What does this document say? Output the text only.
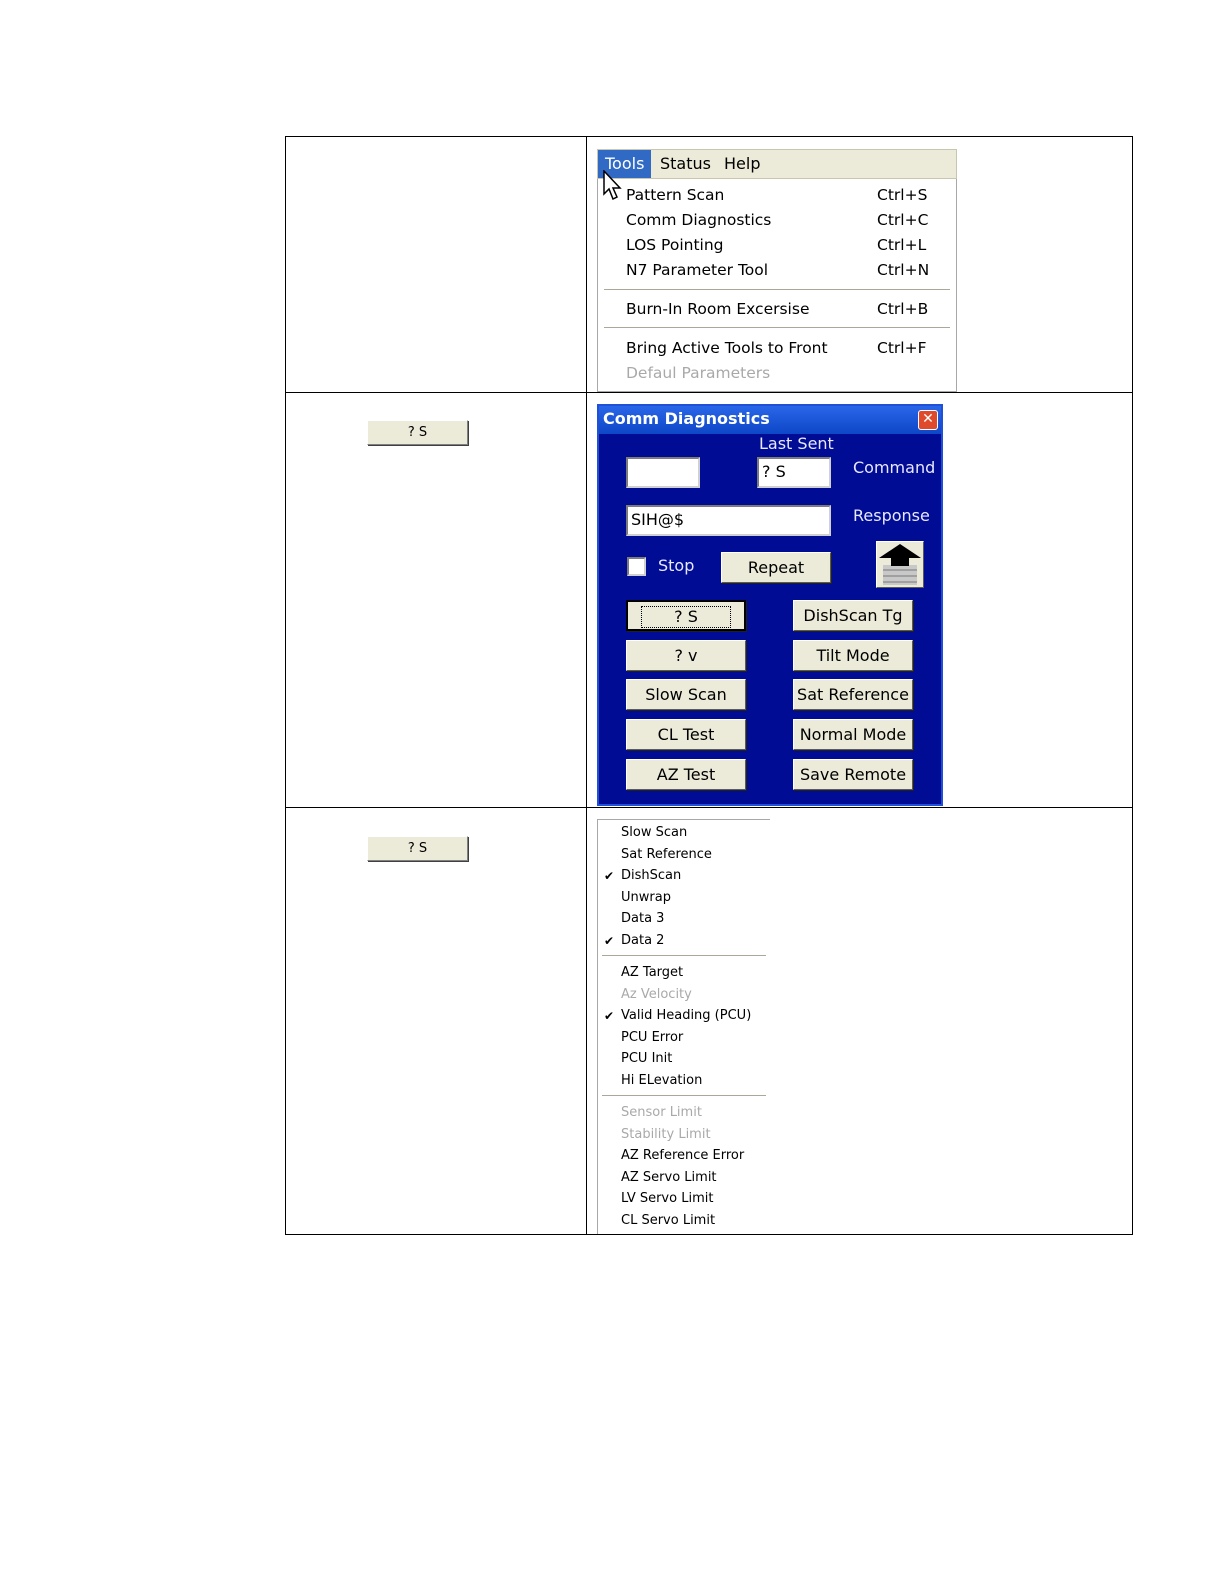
? S
? S
Tools Status Help
Pattern Scan	Ctrl+S
Comm Diagnostics	Ctrl+C
LOS Pointing	Ctrl+L
N7 Parameter Tool	Ctrl+N
Burn-In Room Excersise	Ctrl+B
Bring Active Tools to Front	Ctrl+F
Defaul Parameters
Comm Diagnostics	✕
Last Sent
? S	Command
SIH@$	Response
Stop	Repeat
? S
? v
Slow Scan
CL Test
AZ Test
DishScan Tg
Tilt Mode
Sat Reference
Normal Mode
Save Remote
Slow Scan
Sat Reference
✔ DishScan
Unwrap
Data 3
✔ Data 2
AZ Target
Az Velocity
✔ Valid Heading (PCU)
PCU Error
PCU Init
Hi ELevation
Sensor Limit
Stability Limit
AZ Reference Error
AZ Servo Limit
LV Servo Limit
CL Servo Limit
